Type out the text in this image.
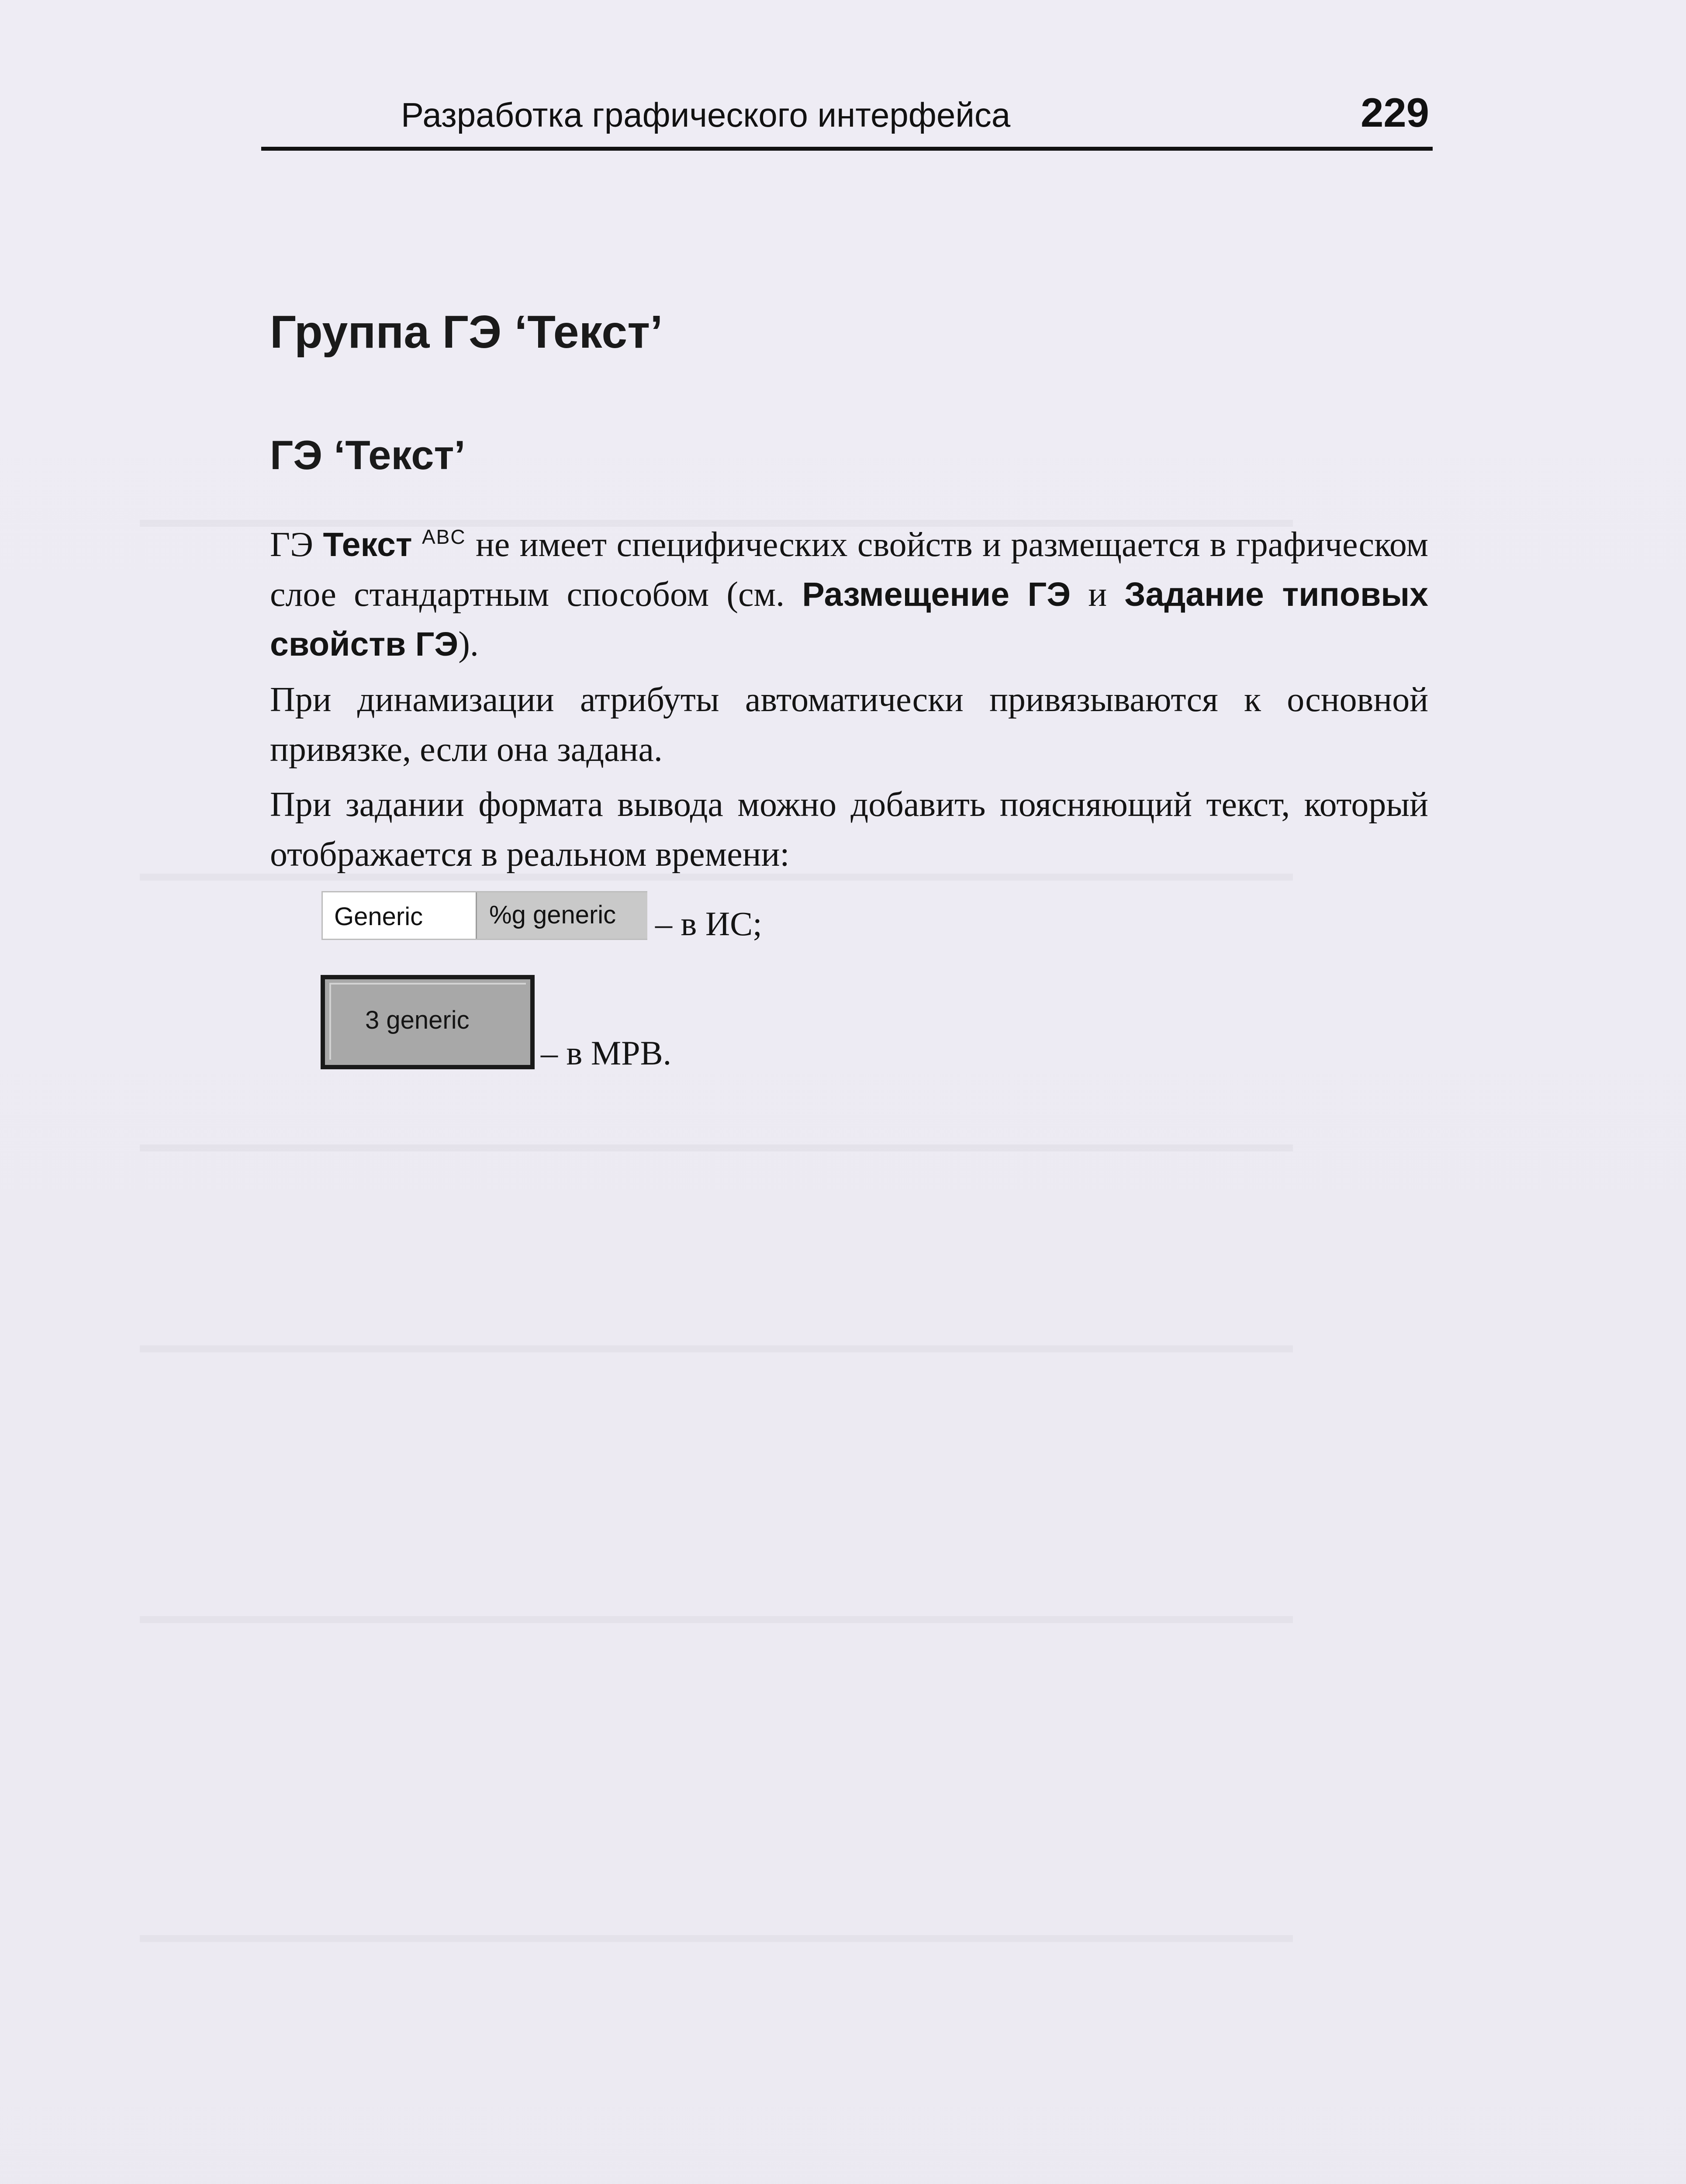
Разработка графического интерфейса	229
Группа ГЭ ‘Текст’
ГЭ ‘Текст’
ГЭ Текст $^{ABC}$ не имеет специфических свойств и размещается в графическом слое стандартным способом (см. Размещение ГЭ и Задание типовых свойств ГЭ).
При динамизации атрибуты автоматически привязываются к основной привязке, если она задана.
При задании формата вывода можно добавить поясняющий текст, который отображается в реальном времени:
Generic	%g generic – в ИС;
3 generic
– в МРВ.
